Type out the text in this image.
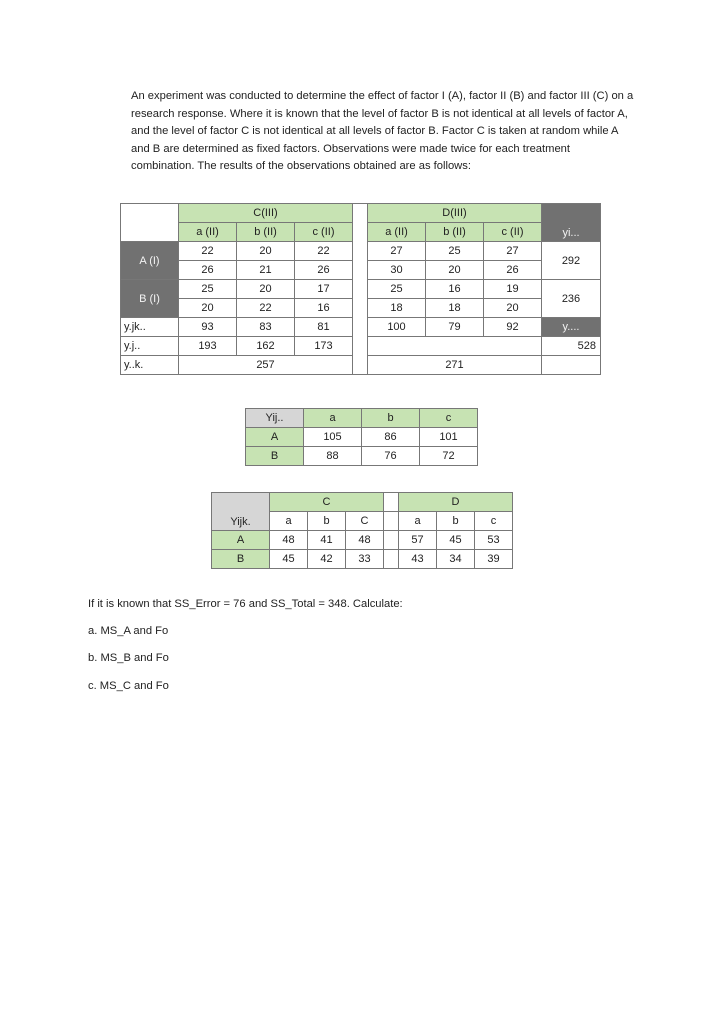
An experiment was conducted to determine the effect of factor I (A), factor II (B) and factor III (C) on a research response. Where it is known that the level of factor B is not identical at all levels of factor A, and the level of factor C is not identical at all levels of factor B. Factor C is taken at random while A and B are determined as fixed factors. Observations were made twice for each treatment combination. The results of the observations obtained are as follows:

	C(III)				D(III)			yi...
	a (II)	b (II)	c (II)		a (II)	b (II)	c (II)	
A (I)	22	20	22		27	25	27	292
	26	21	26		30	20	26	
B (I)	25	20	17		25	16	19	236
	20	22	16		18	18	20	
y.jk..	93	83	81		100	79	92	y....
y.j..	193	162	173					528
y..k.	257				271			
Yij..	a	b	c
A	105	86	101
B	88	76	72
Yijk.	C				D		
	a	b	C		a	b	c
A	48	41	48		57	45	53
B	45	42	33		43	34	39
If it is known that SS_Error = 76 and SS_Total = 348. Calculate:
a. MS_A and Fo
b. MS_B and Fo
c. MS_C and Fo
